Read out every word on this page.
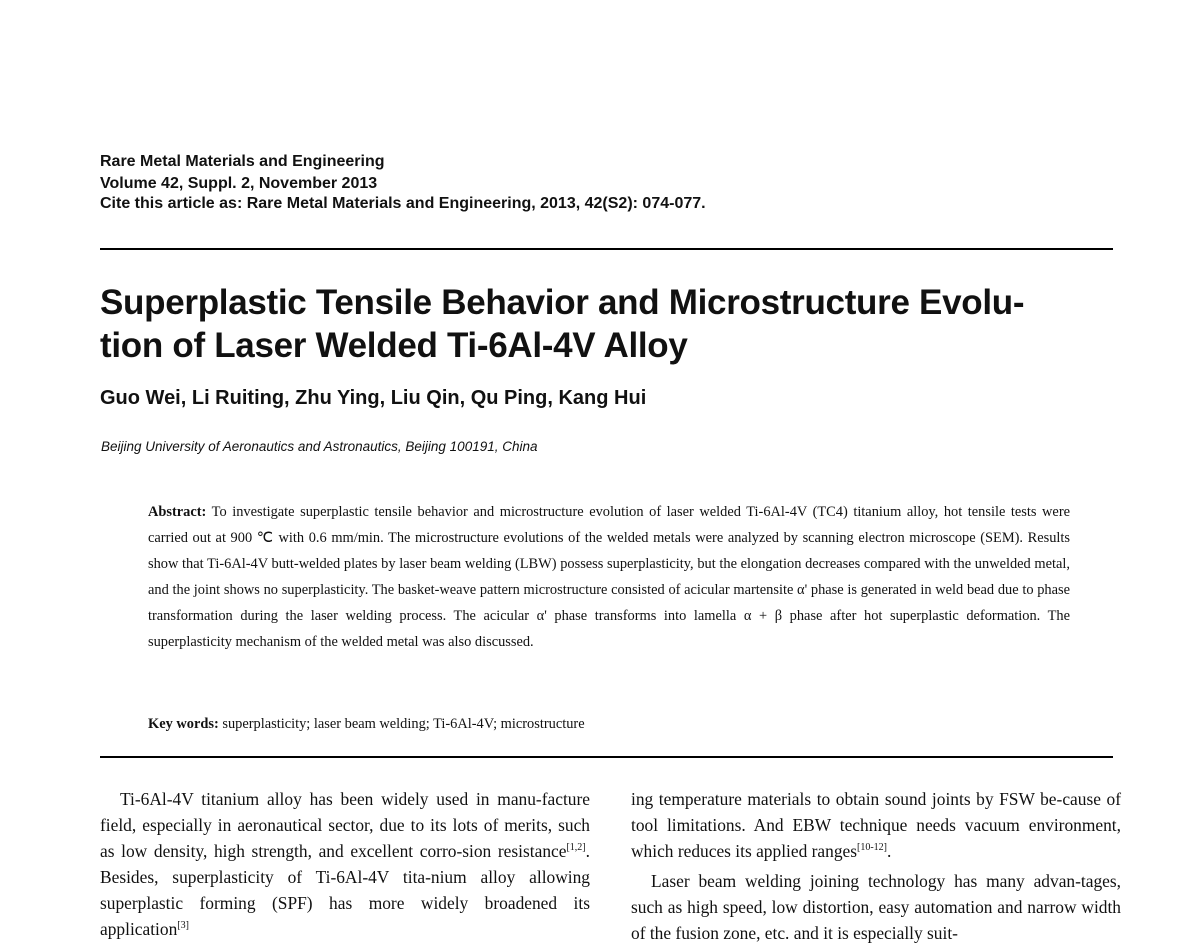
Rare Metal Materials and Engineering
Volume 42, Suppl. 2, November 2013
Cite this article as: Rare Metal Materials and Engineering, 2013, 42(S2): 074-077.
Superplastic Tensile Behavior and Microstructure Evolu-
tion of Laser Welded Ti-6Al-4V Alloy
Guo Wei, Li Ruiting, Zhu Ying, Liu Qin, Qu Ping, Kang Hui
Beijing University of Aeronautics and Astronautics, Beijing 100191, China

Abstract: To investigate superplastic tensile behavior and microstructure evolution of laser welded Ti-6Al-4V (TC4) titanium alloy, hot tensile tests were carried out at 900 ℃ with 0.6 mm/min. The microstructure evolutions of the welded metals were analyzed by scanning electron microscope (SEM). Results show that Ti-6Al-4V butt-welded plates by laser beam welding (LBW) possess superplasticity, but the elongation decreases compared with the unwelded metal, and the joint shows no superplasticity. The basket-weave pattern microstructure consisted of acicular martensite α' phase is generated in weld bead due to phase transformation during the laser welding process. The acicular α' phase transforms into lamella α + β phase after hot superplastic deformation. The superplasticity mechanism of the welded metal was also discussed.

Key words: superplasticity; laser beam welding; Ti-6Al-4V; microstructure

Ti-6Al-4V titanium alloy has been widely used in manu-facture field, especially in aeronautical sector, due to its lots of merits, such as low density, high strength, and excellent corro-sion resistance[1,2]. Besides, superplasticity of Ti-6Al-4V tita-nium alloy allowing superplastic forming (SPF) has more widely broadened its application[3]

ing temperature materials to obtain sound joints by FSW be-cause of tool limitations. And EBW technique needs vacuum environment, which reduces its applied ranges[10-12].

Laser beam welding joining technology has many advan-tages, such as high speed, low distortion, easy automation and narrow width of the fusion zone, etc. and it is especially suit-
